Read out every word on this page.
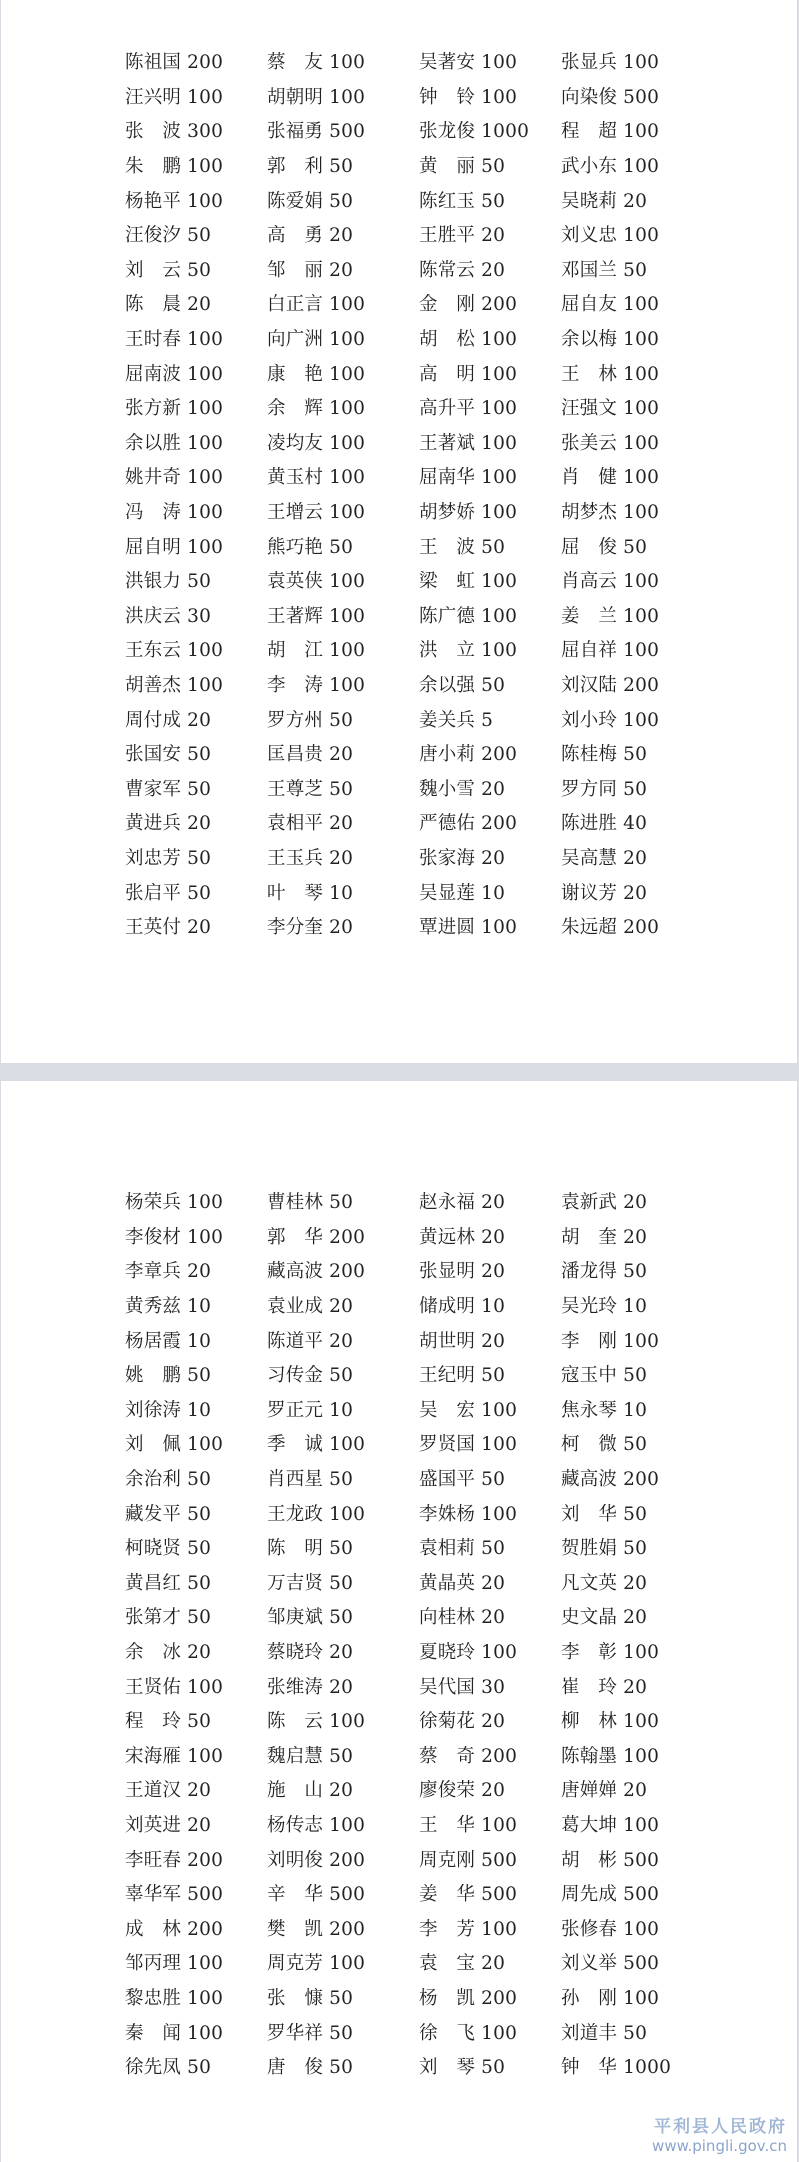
陈祖国 200	蔡　友 100	吴著安 100	张显兵 100
汪兴明 100	胡朝明 100	钟　铃 100	向染俊 500
张　波 300	张福勇 500	张龙俊 1000	程　超 100
朱　鹏 100	郭　利 50	黄　丽 50	武小东 100
杨艳平 100	陈爱娟 50	陈红玉 50	吴晓莉 20
汪俊汐 50	高　勇 20	王胜平 20	刘义忠 100
刘　云 50	邹　丽 20	陈常云 20	邓国兰 50
陈　晨 20	白正言 100	金　刚 200	屈自友 100
王时春 100	向广洲 100	胡　松 100	余以梅 100
屈南波 100	康　艳 100	高　明 100	王　林 100
张方新 100	余　辉 100	高升平 100	汪强文 100
余以胜 100	凌均友 100	王著斌 100	张美云 100
姚井奇 100	黄玉村 100	屈南华 100	肖　健 100
冯　涛 100	王增云 100	胡梦娇 100	胡梦杰 100
屈自明 100	熊巧艳 50	王　波 50	屈　俊 50
洪银力 50	袁英侠 100	梁　虹 100	肖高云 100
洪庆云 30	王著辉 100	陈广德 100	姜　兰 100
王东云 100	胡　江 100	洪　立 100	屈自祥 100
胡善杰 100	李　涛 100	余以强 50	刘汉陆 200
周付成 20	罗方州 50	姜关兵 5	刘小玲 100
张国安 50	匡昌贵 20	唐小莉 200	陈桂梅 50
曹家军 50	王尊芝 50	魏小雪 20	罗方同 50
黄进兵 20	袁相平 20	严德佑 200	陈进胜 40
刘忠芳 50	王玉兵 20	张家海 20	吴高慧 20
张启平 50	叶　琴 10	吴显莲 10	谢议芳 20
王英付 20	李分奎 20	覃进圆 100	朱远超 200
杨荣兵 100	曹桂林 50	赵永福 20	袁新武 20
李俊材 100	郭　华 200	黄远林 20	胡　奎 20
李章兵 20	藏高波 200	张显明 20	潘龙得 50
黄秀兹 10	袁业成 20	储成明 10	吴光玲 10
杨居霞 10	陈道平 20	胡世明 20	李　刚 100
姚　鹏 50	习传金 50	王纪明 50	寇玉中 50
刘徐涛 10	罗正元 10	吴　宏 100	焦永琴 10
刘　佩 100	季　诚 100	罗贤国 100	柯　微 50
余治利 50	肖西星 50	盛国平 50	藏高波 200
藏发平 50	王龙政 100	李姝杨 100	刘　华 50
柯晓贤 50	陈　明 50	袁相莉 50	贺胜娟 50
黄昌红 50	万吉贤 50	黄晶英 20	凡文英 20
张第才 50	邹庚斌 50	向桂林 20	史文晶 20
余　冰 20	蔡晓玲 20	夏晓玲 100	李　彰 100
王贤佑 100	张维涛 20	吴代国 30	崔　玲 20
程　玲 50	陈　云 100	徐菊花 20	柳　林 100
宋海雁 100	魏启慧 50	蔡　奇 200	陈翰墨 100
王道汉 20	施　山 20	廖俊荣 20	唐婵婵 20
刘英进 20	杨传志 100	王　华 100	葛大坤 100
李旺春 200	刘明俊 200	周克刚 500	胡　彬 500
辜华军 500	辛　华 500	姜　华 500	周先成 500
成　林 200	樊　凯 200	李　芳 100	张修春 100
邹丙理 100	周克芳 100	袁　宝 20	刘义举 500
黎忠胜 100	张　慷 50	杨　凯 200	孙　刚 100
秦　闻 100	罗华祥 50	徐　飞 100	刘道丰 50
徐先凤 50	唐　俊 50	刘　琴 50	钟　华 1000
平利县人民政府
www.pingli.gov.cn
